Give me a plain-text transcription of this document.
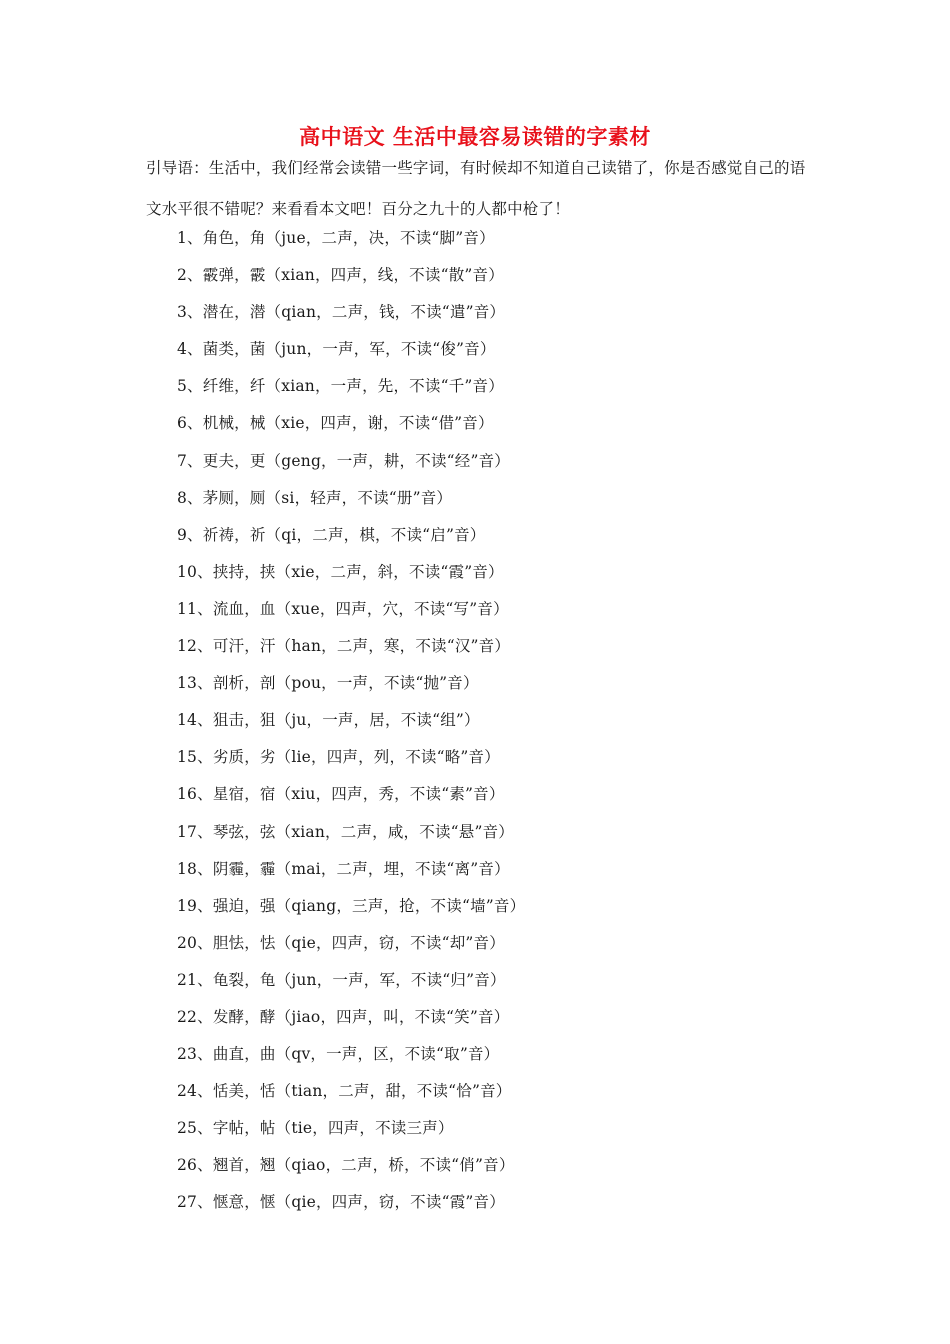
高中语文 生活中最容易读错的字素材
引导语：生活中，我们经常会读错一些字词，有时候却不知道自己读错了，你是否感觉自己的语文水平很不错呢？来看看本文吧！百分之九十的人都中枪了！
1、角色，角（jue，二声，决，不读“脚”音）
2、霰弹，霰（xian，四声，线，不读“散”音）
3、潜在，潜（qian，二声，钱，不读“遣”音）
4、菌类，菌（jun，一声，军，不读“俊”音）
5、纤维，纤（xian，一声，先，不读“千”音）
6、机械，械（xie，四声，谢，不读“借”音）
7、更夫，更（geng，一声，耕，不读“经”音）
8、茅厕，厕（si，轻声，不读“册”音）
9、祈祷，祈（qi，二声，棋，不读“启”音）
10、挟持，挟（xie，二声，斜，不读“霞”音）
11、流血，血（xue，四声，穴，不读“写”音）
12、可汗，汗（han，二声，寒，不读“汉”音）
13、剖析，剖（pou，一声，不读“抛”音）
14、狙击，狙（ju，一声，居，不读“组”）
15、劣质，劣（lie，四声，列，不读“略”音）
16、星宿，宿（xiu，四声，秀，不读“素”音）
17、琴弦，弦（xian，二声，咸，不读“悬”音）
18、阴霾，霾（mai，二声，埋，不读“离”音）
19、强迫，强（qiang，三声，抢，不读“墙”音）
20、胆怯，怯（qie，四声，窃，不读“却”音）
21、龟裂，龟（jun，一声，军，不读“归”音）
22、发酵，酵（jiao，四声，叫，不读“笑”音）
23、曲直，曲（qv，一声，区，不读“取”音）
24、恬美，恬（tian，二声，甜，不读“恰”音）
25、字帖，帖（tie，四声，不读三声）
26、翘首，翘（qiao，二声，桥，不读“俏”音）
27、惬意，惬（qie，四声，窃，不读“霞”音）
